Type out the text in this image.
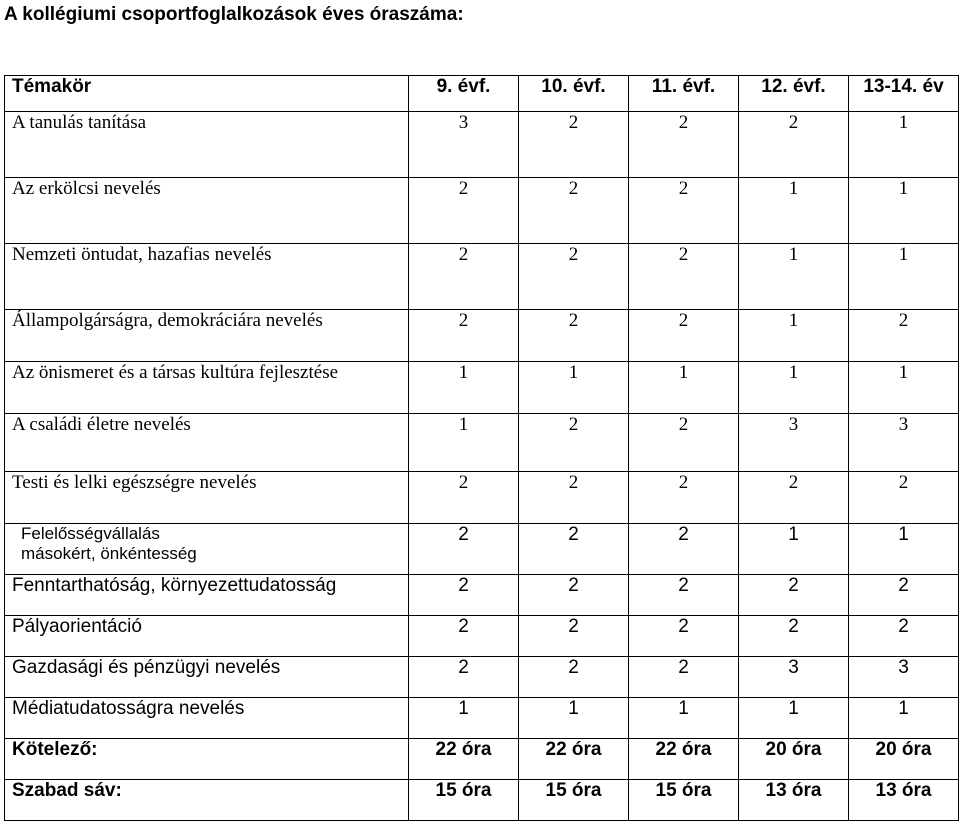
A kollégiumi csoportfoglalkozások éves óraszáma:
Témakör	9. évf.	10. évf.	11. évf.	12. évf.	13-14. év
A tanulás tanítása	3	2	2	2	1
Az erkölcsi nevelés	2	2	2	1	1
Nemzeti öntudat, hazafias nevelés	2	2	2	1	1
Állampolgárságra, demokráciára nevelés	2	2	2	1	2
Az önismeret és a társas kultúra fejlesztése	1	1	1	1	1
A családi életre nevelés	1	2	2	3	3
Testi és lelki egészségre nevelés	2	2	2	2	2

Felelősségvállalás
másokért, önkéntesség	2	2	2	1	1
Fenntarthatóság, környezettudatosság	2	2	2	2	2
Pályaorientáció	2	2	2	2	2
Gazdasági és pénzügyi nevelés	2	2	2	3	3
Médiatudatosságra nevelés	1	1	1	1	1
Kötelező:	22 óra	22 óra	22 óra	20 óra	20 óra
Szabad sáv:	15 óra	15 óra	15 óra	13 óra	13 óra
